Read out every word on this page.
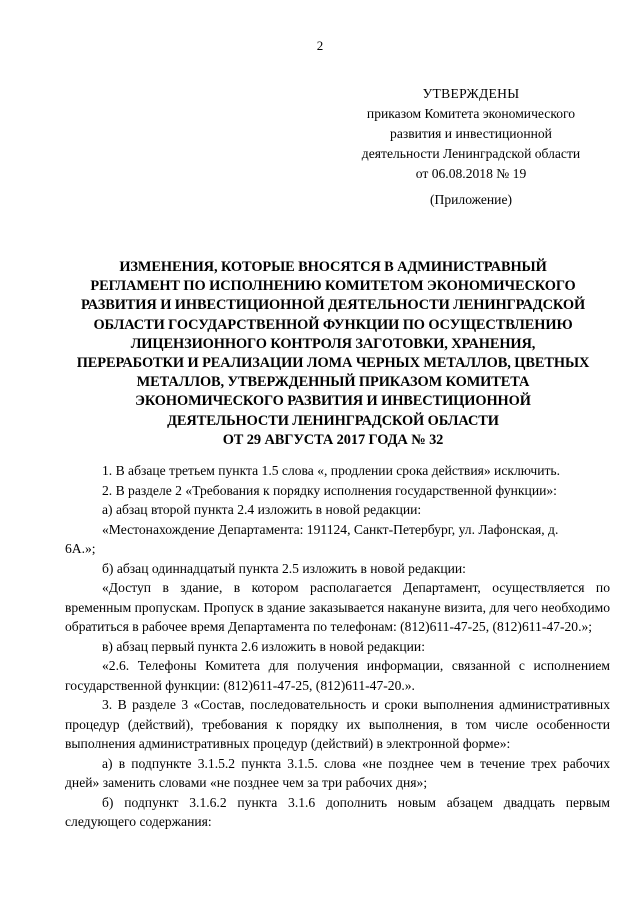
2
УТВЕРЖДЕНЫ
приказом Комитета экономического
развития и инвестиционной
деятельности Ленинградской области
от 06.08.2018 № 19
(Приложение)
ИЗМЕНЕНИЯ, КОТОРЫЕ ВНОСЯТСЯ В АДМИНИСТРАВНЫЙ
РЕГЛАМЕНТ ПО ИСПОЛНЕНИЮ КОМИТЕТОМ ЭКОНОМИЧЕСКОГО
РАЗВИТИЯ И ИНВЕСТИЦИОННОЙ ДЕЯТЕЛЬНОСТИ ЛЕНИНГРАДСКОЙ
ОБЛАСТИ ГОСУДАРСТВЕННОЙ ФУНКЦИИ ПО ОСУЩЕСТВЛЕНИЮ
ЛИЦЕНЗИОННОГО КОНТРОЛЯ ЗАГОТОВКИ, ХРАНЕНИЯ,
ПЕРЕРАБОТКИ И РЕАЛИЗАЦИИ ЛОМА ЧЕРНЫХ МЕТАЛЛОВ, ЦВЕТНЫХ
МЕТАЛЛОВ, УТВЕРЖДЕННЫЙ ПРИКАЗОМ КОМИТЕТА
ЭКОНОМИЧЕСКОГО РАЗВИТИЯ И ИНВЕСТИЦИОННОЙ
ДЕЯТЕЛЬНОСТИ ЛЕНИНГРАДСКОЙ ОБЛАСТИ
ОТ 29 АВГУСТА 2017 ГОДА № 32

1. В абзаце третьем пункта 1.5 слова «, продлении срока действия» исключить.

2. В разделе 2 «Требования к порядку исполнения государственной функции»:

а) абзац второй пункта 2.4 изложить в новой редакции:

«Местонахождение Департамента: 191124, Санкт-Петербург, ул. Лафонская, д.

6А.»;

б) абзац одиннадцатый пункта 2.5 изложить в новой редакции:

«Доступ в здание, в котором располагается Департамент, осуществляется по временным пропускам. Пропуск в здание заказывается накануне визита, для чего необходимо обратиться в рабочее время Департамента по телефонам: (812)611-47-25, (812)611-47-20.»;

в) абзац первый пункта 2.6 изложить в новой редакции:

«2.6. Телефоны Комитета для получения информации, связанной с исполнением государственной функции: (812)611-47-25, (812)611-47-20.».

3. В разделе 3 «Состав, последовательность и сроки выполнения административных процедур (действий), требования к порядку их выполнения, в том числе особенности выполнения административных процедур (действий) в электронной форме»:

а) в подпункте 3.1.5.2 пункта 3.1.5. слова «не позднее чем в течение трех рабочих дней» заменить словами «не позднее чем за три рабочих дня»;

б) подпункт 3.1.6.2 пункта 3.1.6 дополнить новым абзацем двадцать первым следующего содержания:
